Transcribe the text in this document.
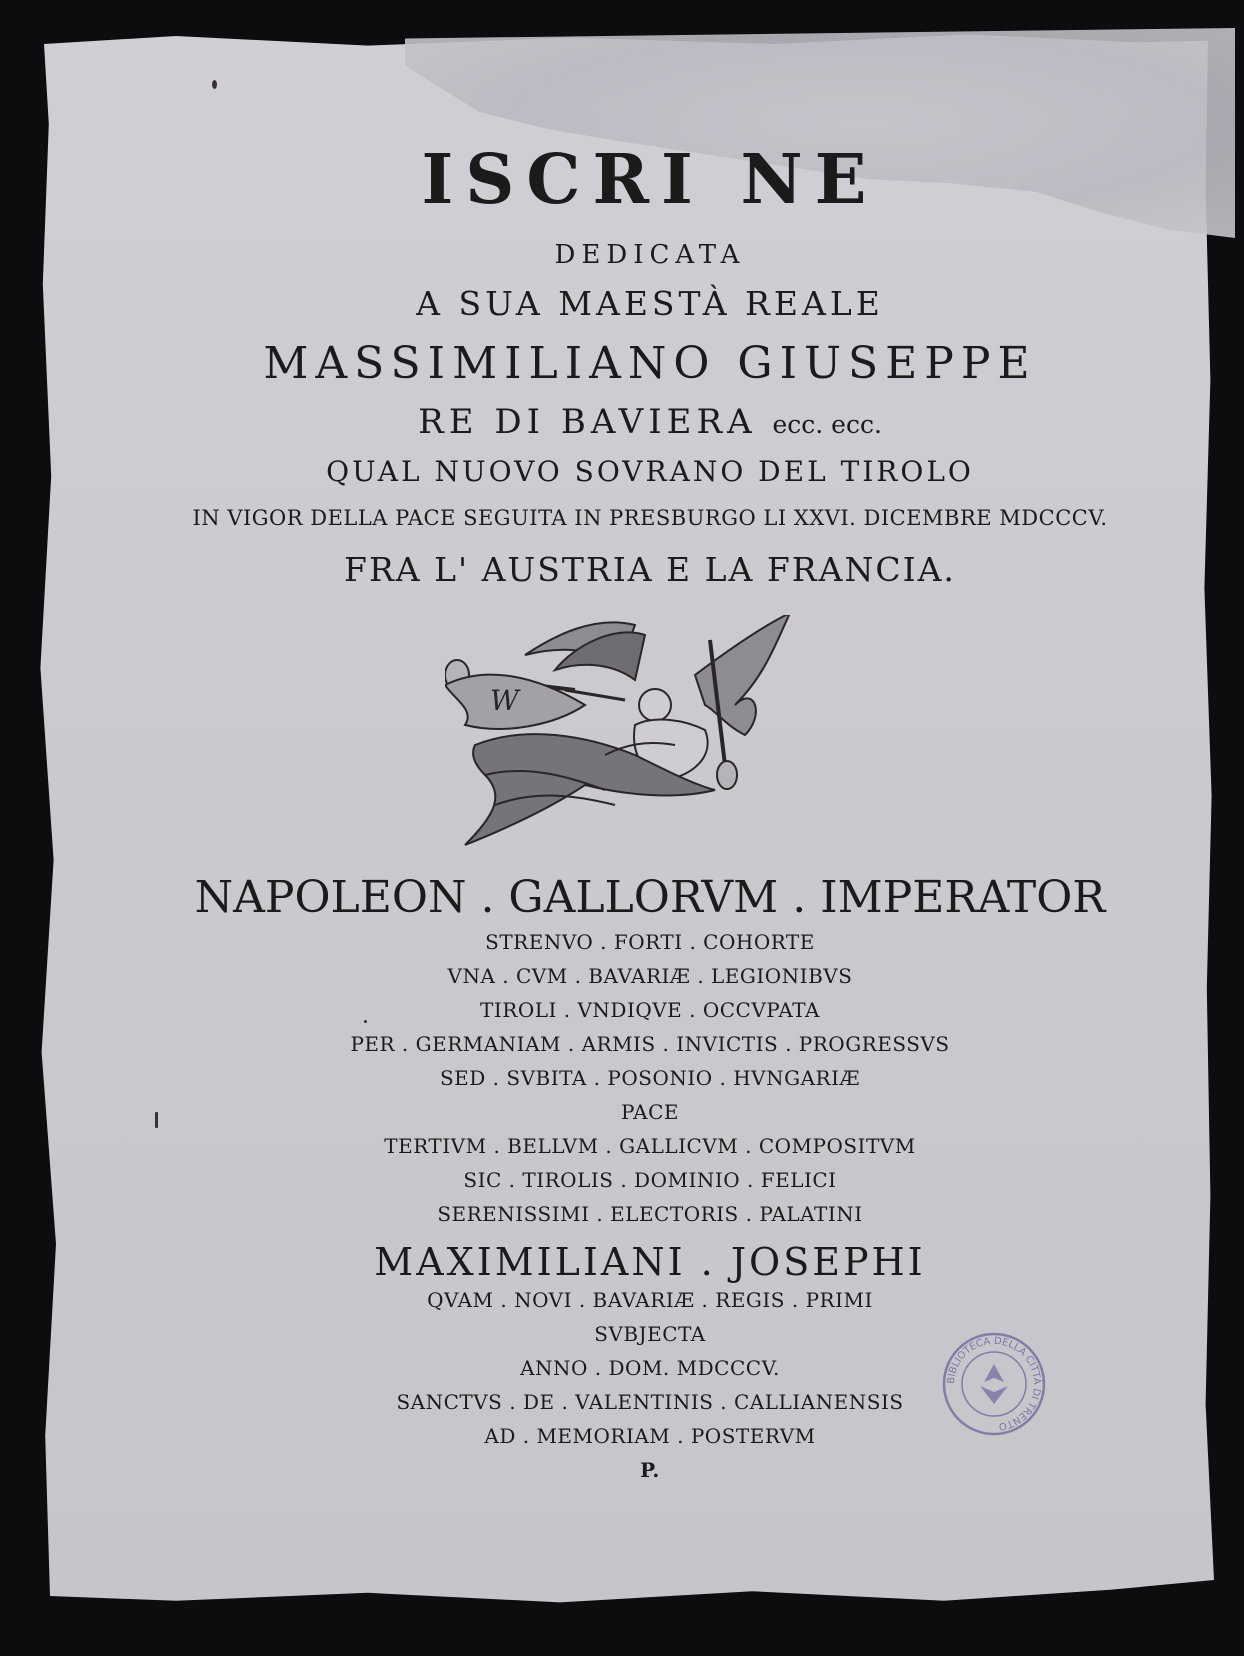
ISCRI NE
DEDICATA
A SUA MAESTÀ REALE
MASSIMILIANO GIUSEPPE
RE DI BAVIERA ecc. ecc.
QUAL NUOVO SOVRANO DEL TIROLO
IN VIGOR DELLA PACE SEGUITA IN PRESBURGO LI XXVI. DICEMBRE MDCCCV.
FRA L' AUSTRIA E LA FRANCIA.
W
NAPOLEON . GALLORVM . IMPERATOR
STRENVO . FORTI . COHORTE
VNA . CVM . BAVARIÆ . LEGIONIBVS
TIROLI . VNDIQVE . OCCVPATA
PER . GERMANIAM . ARMIS . INVICTIS . PROGRESSVS
SED . SVBITA . POSONIO . HVNGARIÆ
PACE
TERTIVM . BELLVM . GALLICVM . COMPOSITVM
SIC . TIROLIS . DOMINIO . FELICI
SERENISSIMI . ELECTORIS . PALATINI
MAXIMILIANI . JOSEPHI
QVAM . NOVI . BAVARIÆ . REGIS . PRIMI
SVBJECTA
ANNO . DOM. MDCCCV.
SANCTVS . DE . VALENTINIS . CALLIANENSIS
AD . MEMORIAM . POSTERVM
P.
BIBLIOTECA DELLA CITTÀ DI TRENTO
